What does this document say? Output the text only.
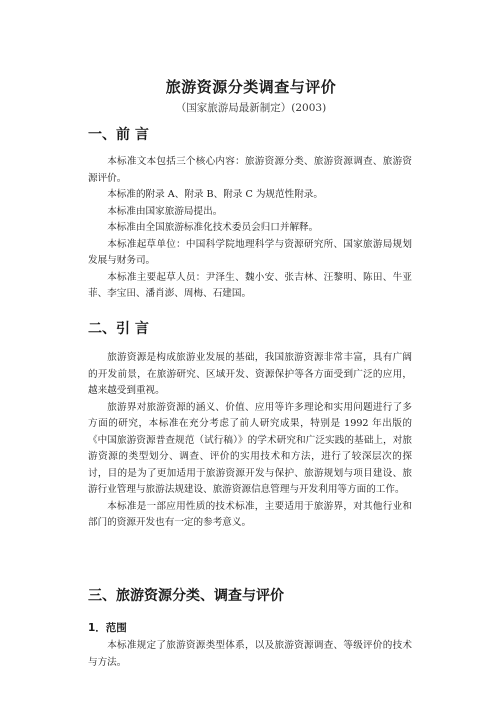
旅游资源分类调查与评价
（国家旅游局最新制定）(2003)
一、前 言

本标准文本包括三个核心内容：旅游资源分类、旅游资源调查、旅游资源评价。

本标准的附录 A、附录 B、附录 C 为规范性附录。

本标准由国家旅游局提出。

本标准由全国旅游标准化技术委员会归口并解释。

本标准起草单位：中国科学院地理科学与资源研究所、国家旅游局规划发展与财务司。

本标准主要起草人员：尹泽生、魏小安、张吉林、汪黎明、陈田、牛亚菲、李宝田、潘肖澎、周梅、石建国。

二、引 言

旅游资源是构成旅游业发展的基础，我国旅游资源非常丰富，具有广阔的开发前景，在旅游研究、区域开发、资源保护等各方面受到广泛的应用，越来越受到重视。

旅游界对旅游资源的涵义、价值、应用等许多理论和实用问题进行了多方面的研究，本标准在充分考虑了前人研究成果，特别是 1992 年出版的《中国旅游资源普查规范（试行稿）》的学术研究和广泛实践的基础上，对旅游资源的类型划分、调查、评价的实用技术和方法，进行了较深层次的探讨，目的是为了更加适用于旅游资源开发与保护、旅游规划与项目建设、旅游行业管理与旅游法规建设、旅游资源信息管理与开发利用等方面的工作。

本标准是一部应用性质的技术标准，主要适用于旅游界，对其他行业和部门的资源开发也有一定的参考意义。

三、旅游资源分类、调查与评价
1．范围

本标准规定了旅游资源类型体系，以及旅游资源调查、等级评价的技术与方法。
